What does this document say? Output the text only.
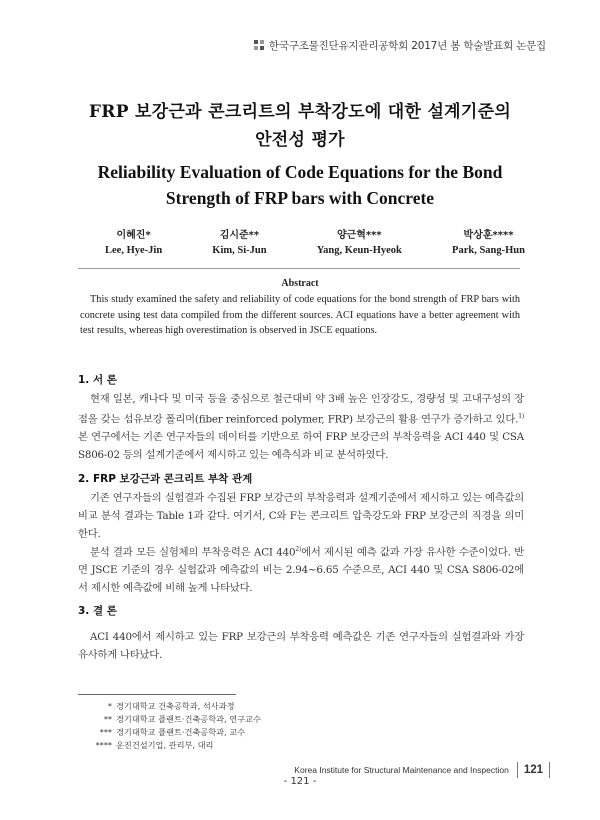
한국구조물진단유지관리공학회 2017년 봄 학술발표회 논문집
FRP 보강근과 콘크리트의 부착강도에 대한 설계기준의
안전성 평가
Reliability Evaluation of Code Equations for the Bond
Strength of FRP bars with Concrete
이혜진*
Lee, Hye-Jin
김시준**
Kim, Si-Jun
양근혁***
Yang, Keun-Hyeok
박상훈****
Park, Sang-Hun
Abstract
This study examined the safety and reliability of code equations for the bond strength of FRP bars with concrete using test data compiled from the different sources. ACI equations have a better agreement with test results, whereas high overestimation is observed in JSCE equations.
1. 서 론
현재 일본, 캐나다 및 미국 등을 중심으로 철근대비 약 3배 높은 인장강도, 경량성 및 고내구성의 장점을 갖는 섬유보강 폴리머(fiber reinforced polymer, FRP) 보강근의 활용 연구가 증가하고 있다.$^{1)}$ 본 연구에서는 기존 연구자들의 데이터를 기반으로 하여 FRP 보강근의 부착응력을 ACI 440 및 CSA S806-02 등의 설계기준에서 제시하고 있는 예측식과 비교 분석하였다.
2. FRP 보강근과 콘크리트 부착 관계
기존 연구자들의 실험결과 수집된 FRP 보강근의 부착응력과 설계기준에서 제시하고 있는 예측값의 비교 분석 결과는 Table 1과 같다. 여기서, C와 F는 콘크리트 압축강도와 FRP 보강근의 직경을 의미한다.
분석 결과 모든 실험체의 부착응력은 ACI 440$^{2)}$에서 제시된 예측 값과 가장 유사한 수준이었다. 반면 JSCE 기준의 경우 실험값과 예측값의 비는 2.94~6.65 수준으로, ACI 440 및 CSA S806-02에서 제시한 예측값에 비해 높게 나타났다.
3. 결 론
ACI 440에서 제시하고 있는 FRP 보강근의 부착응력 예측값은 기존 연구자들의 실험결과와 가장 유사하게 나타났다.
* 경기대학교 건축공학과, 석사과정
** 경기대학교 플랜트·건축공학과, 연구교수
*** 경기대학교 플랜트·건축공학과, 교수
**** 운진건설기업, 관리부, 대리
Korea Institute for Structural Maintenance and Inspection 121
- 121 -
